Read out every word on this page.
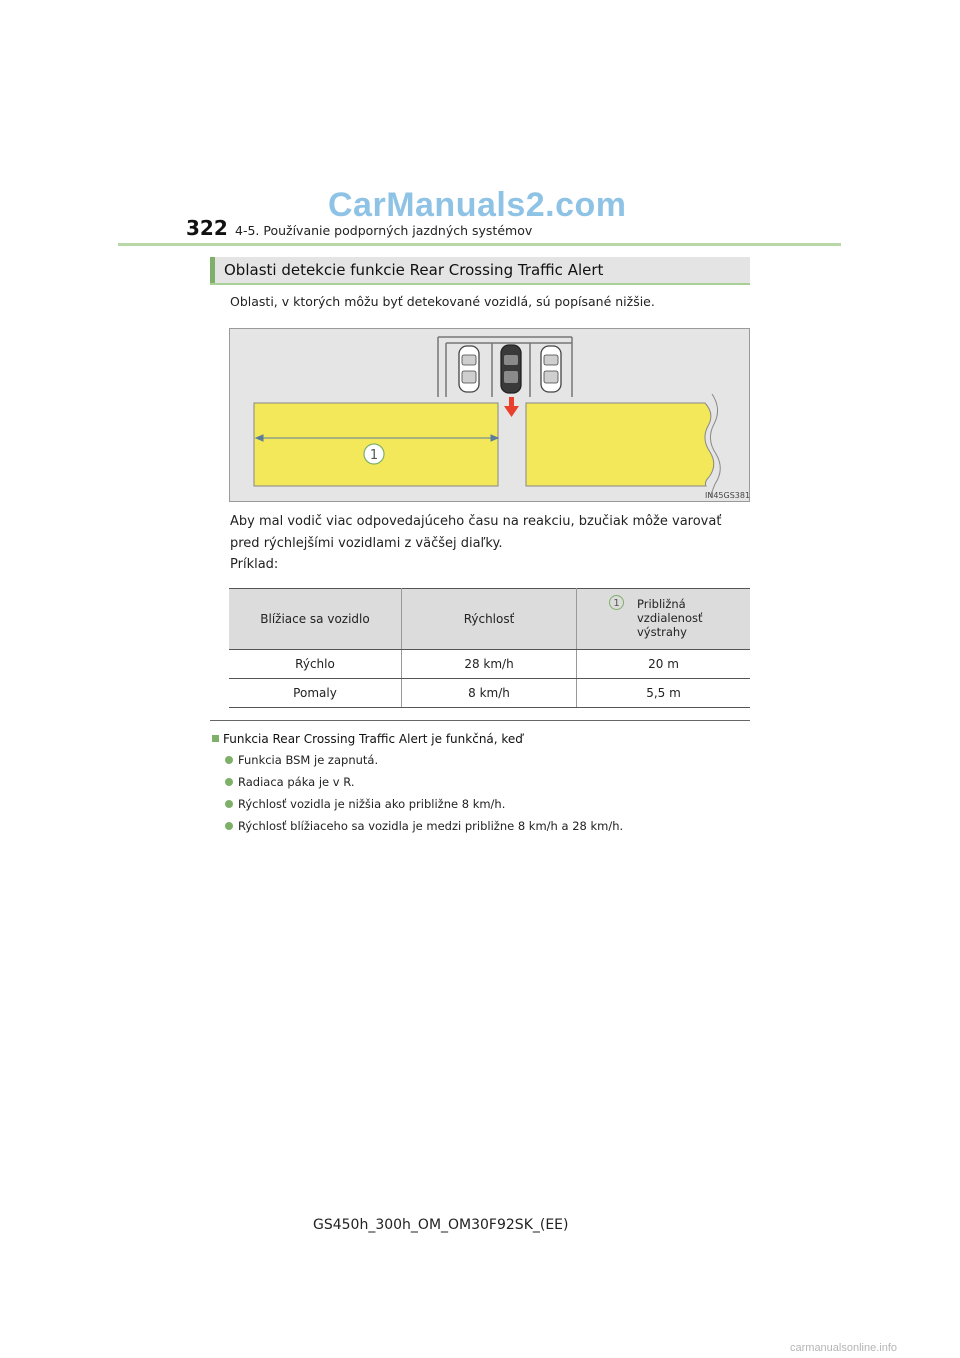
CarManuals2.com
322 4-5. Používanie podporných jazdných systémov
Oblasti detekcie funkcie Rear Crossing Traffic Alert
Oblasti, v ktorých môžu byť detekované vozidlá, sú popísané nižšie.
1
IN45GS381
Aby mal vodič viac odpovedajúceho času na reakciu, bzučiak môže varovať pred rýchlejšími vozidlami z väčšej diaľky.
Príklad:
Blížiace sa vozidlo	Rýchlosť	1 Približná vzdialenosť výstrahy

Rýchlo	28 km/h	20 m
Pomaly	8 km/h	5,5 m
Funkcia Rear Crossing Traffic Alert je funkčná, keď
Funkcia BSM je zapnutá.
Radiaca páka je v R.
Rýchlosť vozidla je nižšia ako približne 8 km/h.
Rýchlosť blížiaceho sa vozidla je medzi približne 8 km/h a 28 km/h.
GS450h_300h_OM_OM30F92SK_(EE)
carmanualsonline.info
